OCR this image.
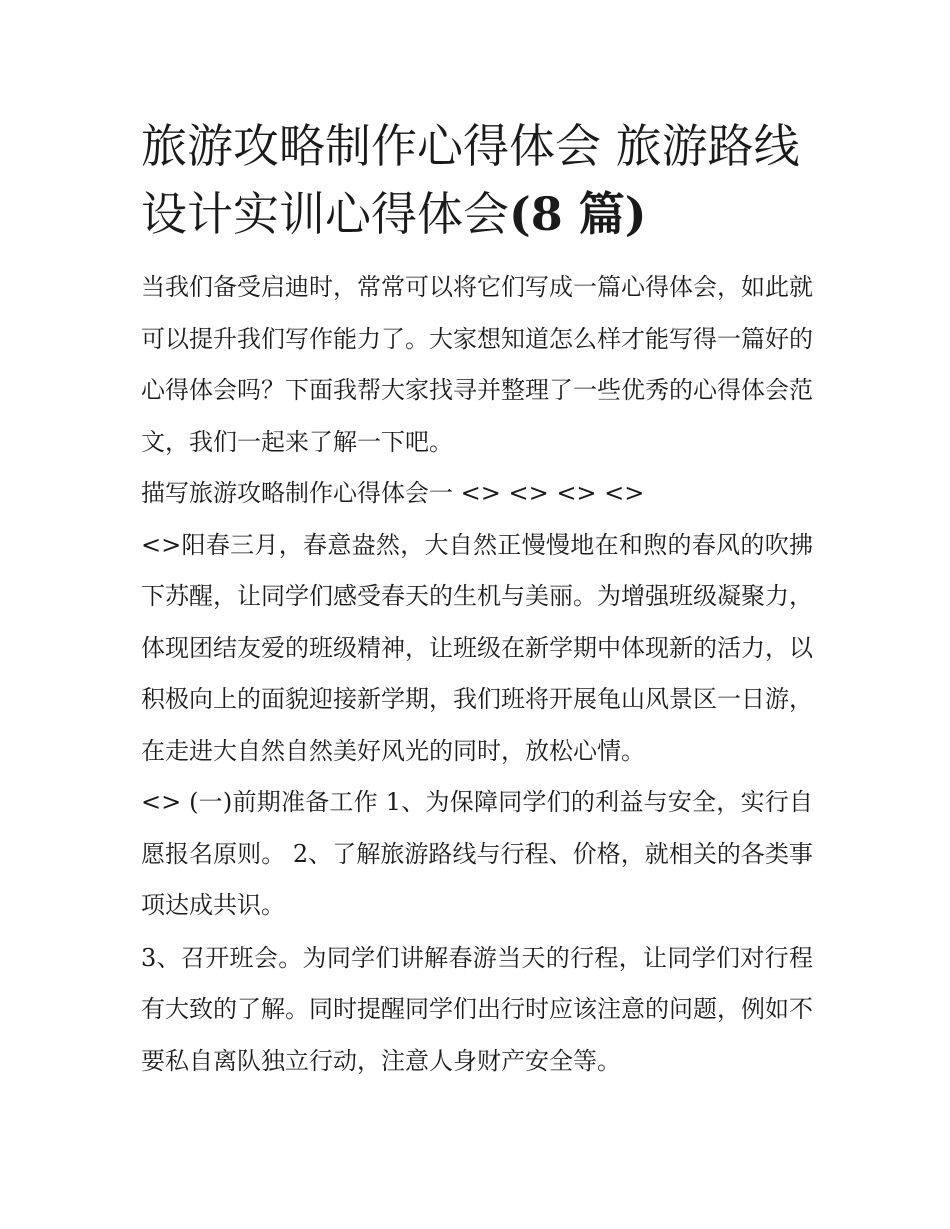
旅游攻略制作心得体会 旅游路线设计实训心得体会(8 篇)

当我们备受启迪时，常常可以将它们写成一篇心得体会，如此就可以提升我们写作能力了。大家想知道怎么样才能写得一篇好的心得体会吗？下面我帮大家找寻并整理了一些优秀的心得体会范文，我们一起来了解一下吧。

描写旅游攻略制作心得体会一 <> <> <> <>

<>阳春三月，春意盎然，大自然正慢慢地在和煦的春风的吹拂下苏醒，让同学们感受春天的生机与美丽。为增强班级凝聚力，体现团结友爱的班级精神，让班级在新学期中体现新的活力，以积极向上的面貌迎接新学期，我们班将开展龟山风景区一日游，在走进大自然自然美好风光的同时，放松心情。

<> (一)前期准备工作 1、为保障同学们的利益与安全，实行自愿报名原则。 2、了解旅游路线与行程、价格，就相关的各类事项达成共识。

3、召开班会。为同学们讲解春游当天的行程，让同学们对行程有大致的了解。同时提醒同学们出行时应该注意的问题，例如不要私自离队独立行动，注意人身财产安全等。
